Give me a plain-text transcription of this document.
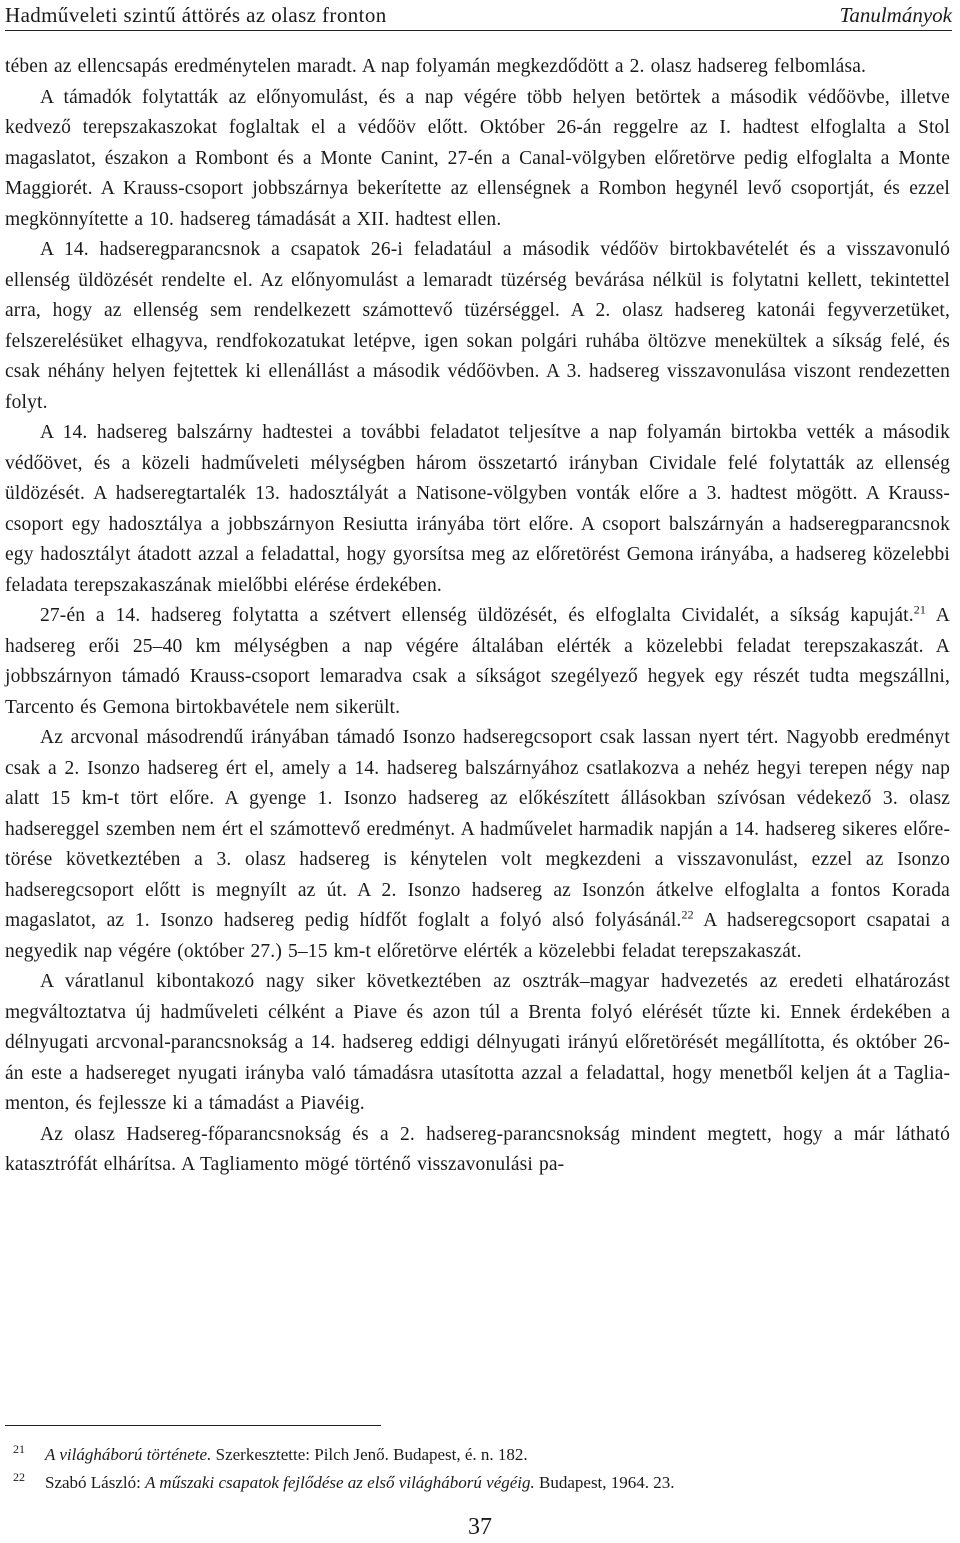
Hadműveleti szintű áttörés az olasz fronton	Tanulmányok

tében az ellencsapás eredménytelen maradt. A nap folyamán megkezdődött a 2. olasz hadsereg felbomlása.

A támadók folytatták az előnyomulást, és a nap végére több helyen betörtek a második védőövbe, illetve kedvező terepszakaszokat foglaltak el a védőöv előtt. Október 26-án reggelre az I. hadtest elfoglalta a Stol magaslatot, északon a Rombont és a Monte Canint, 27-én a Canal-völgyben előretörve pedig elfoglalta a Monte Maggiorét. A Krauss-csoport jobbszárnya bekerítette az ellenségnek a Rombon hegynél levő csoportját, és ezzel megkönnyítette a 10. hadsereg támadását a XII. hadtest ellen.

A 14. hadseregparancsnok a csapatok 26-i feladatául a második védőöv birtokbavételét és a visszavonuló ellenség üldözését rendelte el. Az előnyomulást a lemaradt tüzérség bevárása nélkül is folytatni kellett, tekintettel arra, hogy az ellenség sem rendelkezett számottevő tüzérséggel. A 2. olasz hadsereg katonái fegyverzetüket, felszerelésüket elhagyva, rendfokozatukat letépve, igen sokan polgári ruhába öltözve menekültek a síkság felé, és csak néhány helyen fejtettek ki ellenállást a második védőövben. A 3. hadsereg visszavonulása viszont rendezetten folyt.

A 14. hadsereg balszárny hadtestei a további feladatot teljesítve a nap folyamán birtokba vették a második védőövet, és a közeli hadműveleti mélységben három összetartó irányban Cividale felé folytatták az ellenség üldözését. A hadseregtartalék 13. hadosztályát a Natisone-völgyben vonták előre a 3. hadtest mögött. A Krauss-csoport egy hadosztálya a jobbszárnyon Resiutta irányába tört előre. A csoport balszárnyán a hadseregparancsnok egy hadosztályt átadott azzal a feladattal, hogy gyorsítsa meg az előretörést Gemona irányába, a hadsereg közelebbi feladata terepszakaszának mielőbbi elérése érdekében.

27-én a 14. hadsereg folytatta a szétvert ellenség üldözését, és elfoglalta Cividalét, a síkság kapuját.$^{21}$ A hadsereg erői 25–40 km mélységben a nap végére általában elérték a közelebbi feladat terepszakaszát. A jobbszárnyon támadó Krauss-csoport lemaradva csak a síkságot szegélyező hegyek egy részét tudta megszállni, Tarcento és Gemona birtokbavétele nem sikerült.

Az arcvonal másodrendű irányában támadó Isonzo hadseregcsoport csak lassan nyert tért. Nagyobb eredményt csak a 2. Isonzo hadsereg ért el, amely a 14. hadsereg balszárnyához csatlakozva a nehéz hegyi terepen négy nap alatt 15 km-t tört előre. A gyenge 1. Isonzo hadsereg az előkészített állásokban szívósan védekező 3. olasz hadsereggel szemben nem ért el számottevő eredményt. A hadművelet harmadik napján a 14. hadsereg sikeres előretörése következtében a 3. olasz hadsereg is kénytelen volt megkezdeni a visszavonulást, ezzel az Isonzo hadseregcsoport előtt is megnyílt az út. A 2. Isonzo hadsereg az Isonzón átkelve elfoglalta a fontos Korada magaslatot, az 1. Isonzo hadsereg pedig hídfőt foglalt a folyó alsó folyásánál.$^{22}$ A hadseregcsoport csapatai a negyedik nap végére (október 27.) 5–15 km-t előretörve elérték a közelebbi feladat terepszakaszát.

A váratlanul kibontakozó nagy siker következtében az osztrák–magyar hadvezetés az eredeti elhatározást megváltoztatva új hadműveleti célként a Piave és azon túl a Brenta folyó elérését tűzte ki. Ennek érdekében a délnyugati arcvonal-parancsnokság a 14. hadsereg eddigi délnyugati irányú előretörését megállította, és október 26-án este a hadsereget nyugati irányba való támadásra utasította azzal a feladattal, hogy menetből keljen át a Tagliamenton, és fejlessze ki a támadást a Piavéig.

Az olasz Hadsereg-főparancsnokság és a 2. hadsereg-parancsnokság mindent megtett, hogy a már látható katasztrófát elhárítsa. A Tagliamento mögé történő visszavonulási pa-

21 A világháború története. Szerkesztette: Pilch Jenő. Budapest, é. n. 182.
22 Szabó László: A műszaki csapatok fejlődése az első világháború végéig. Budapest, 1964. 23.
37
